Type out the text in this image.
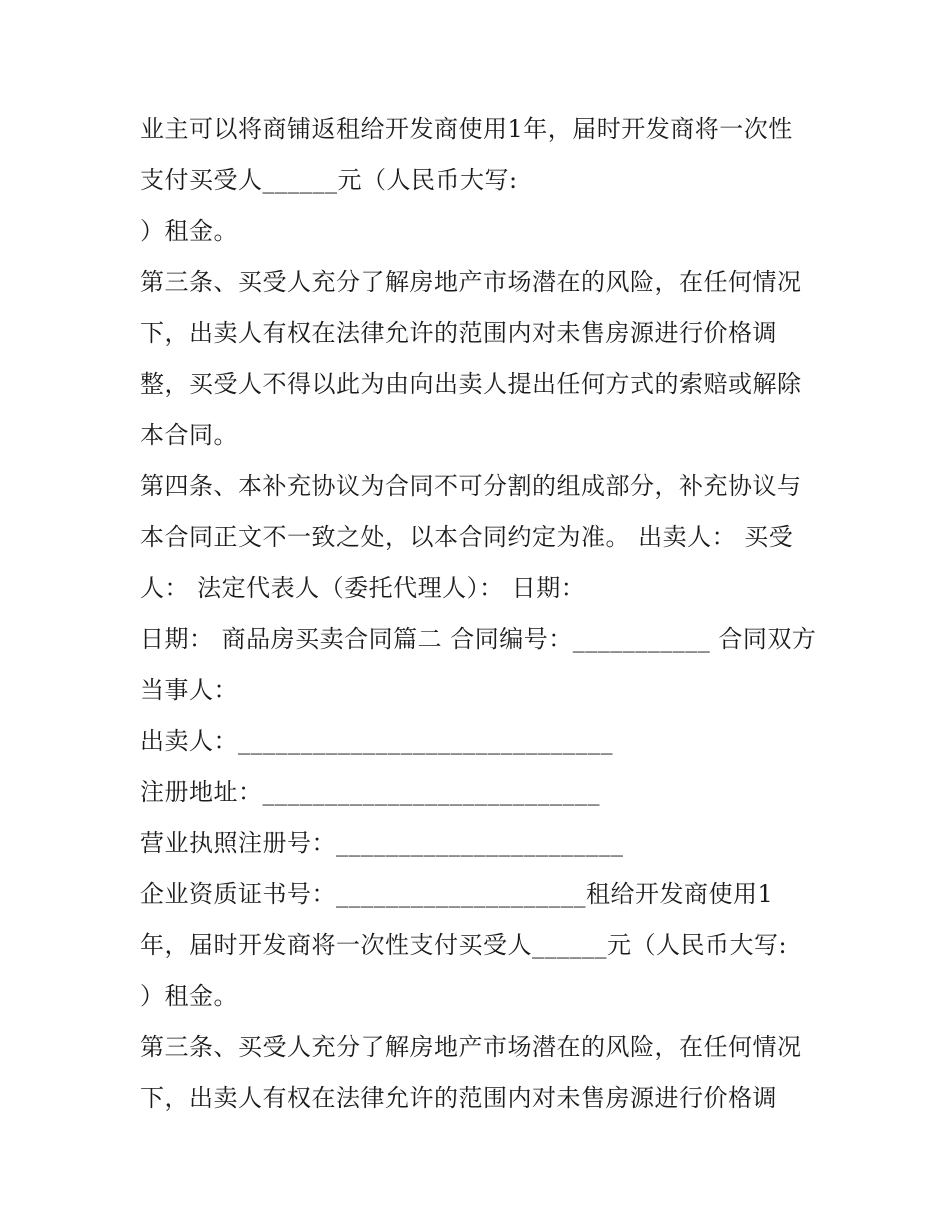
业主可以将商铺返租给开发商使用1年，届时开发商将一次性
支付买受人______元（人民币大写:
）租金。
第三条、买受人充分了解房地产市场潜在的风险，在任何情况
下，出卖人有权在法律允许的范围内对未售房源进行价格调
整，买受人不得以此为由向出卖人提出任何方式的索赔或解除
本合同。
第四条、本补充协议为合同不可分割的组成部分，补充协议与
本合同正文不一致之处，以本合同约定为准。 出卖人： 买受
人： 法定代表人（委托代理人）： 日期：
日期： 商品房买卖合同篇二 合同编号：___________ 合同双方
当事人：
出卖人：______________________________
注册地址：___________________________
营业执照注册号：_______________________
企业资质证书号：____________________租给开发商使用1
年，届时开发商将一次性支付买受人______元（人民币大写:
）租金。
第三条、买受人充分了解房地产市场潜在的风险，在任何情况
下，出卖人有权在法律允许的范围内对未售房源进行价格调
